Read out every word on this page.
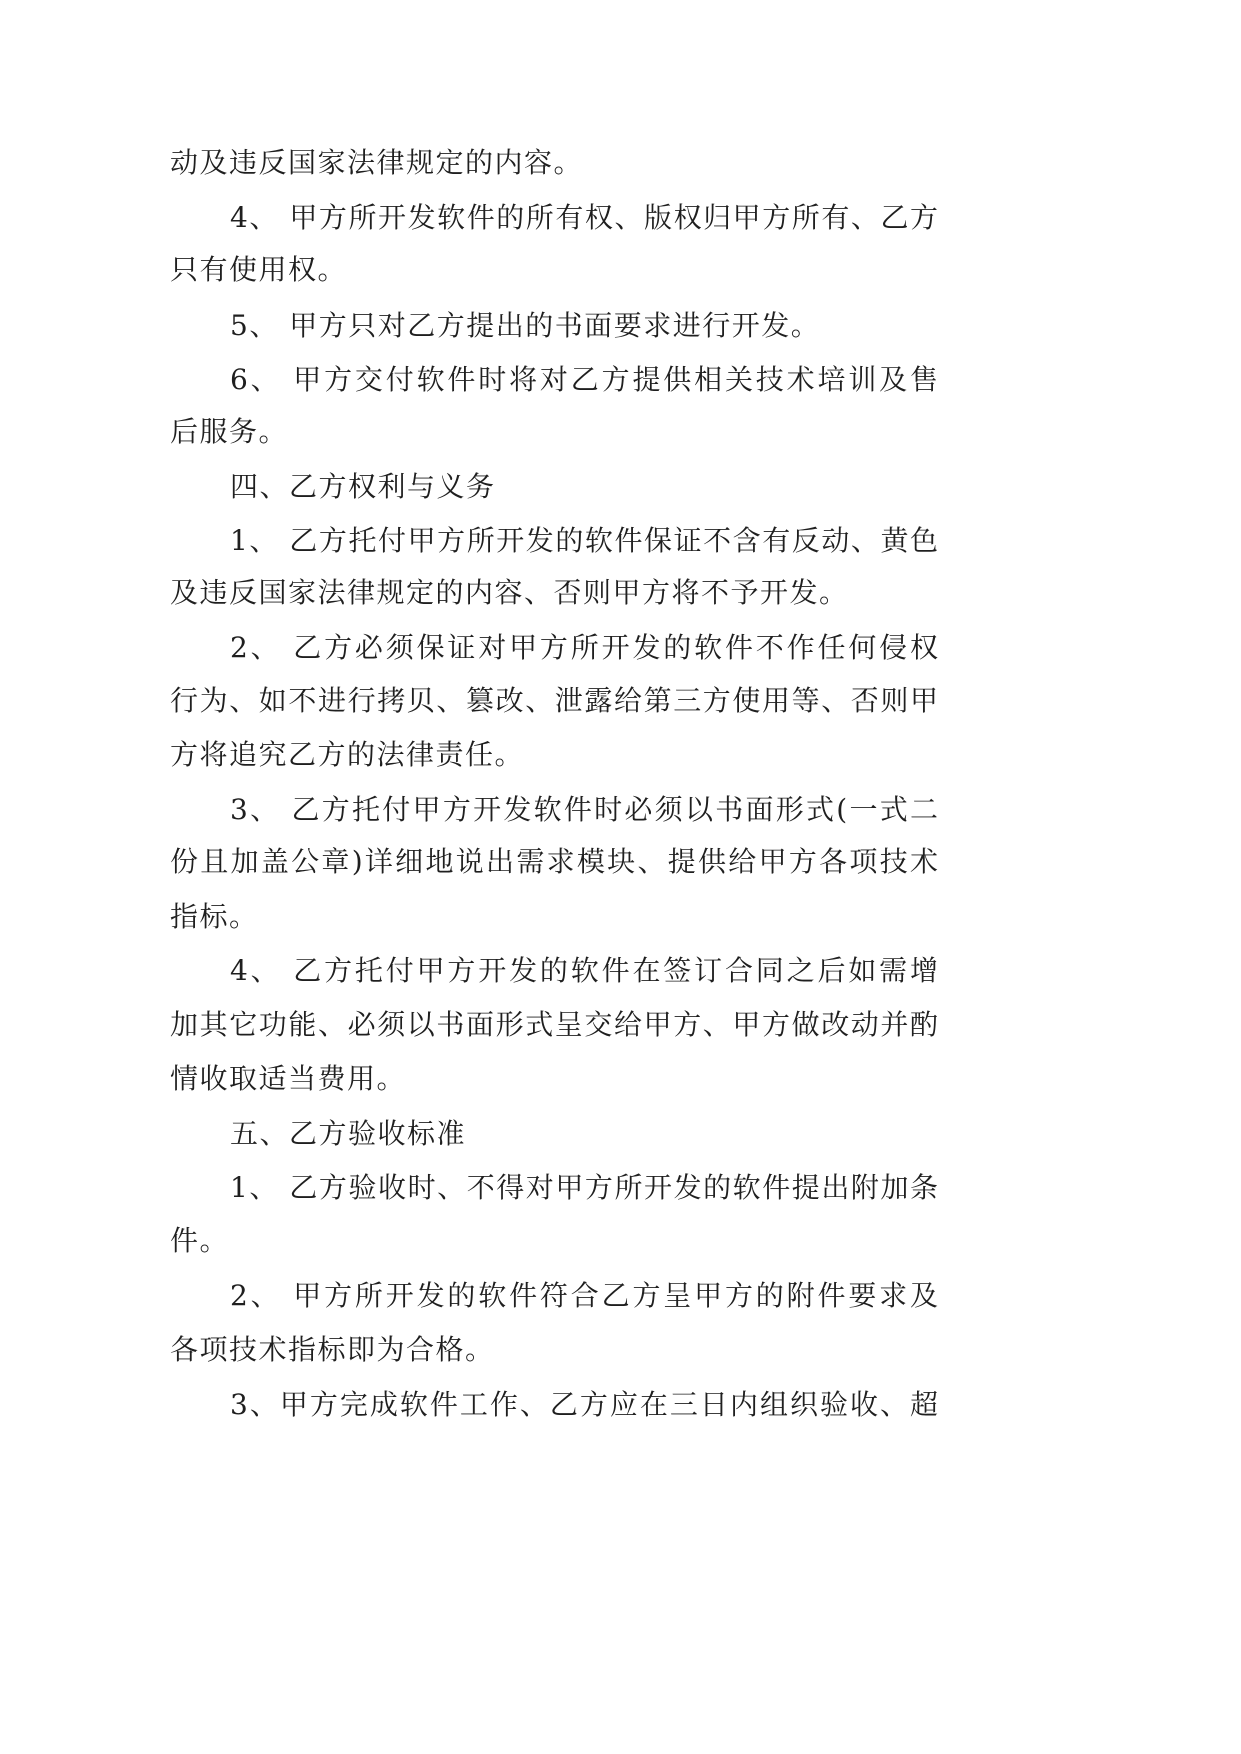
动及违反国家法律规定的内容。
4、 甲方所开发软件的所有权、版权归甲方所有、乙方
只有使用权。
5、 甲方只对乙方提出的书面要求进行开发。
6、 甲方交付软件时将对乙方提供相关技术培训及售
后服务。
四、乙方权利与义务
1、 乙方托付甲方所开发的软件保证不含有反动、黄色
及违反国家法律规定的内容、否则甲方将不予开发。
2、 乙方必须保证对甲方所开发的软件不作任何侵权
行为、如不进行拷贝、篡改、泄露给第三方使用等、否则甲
方将追究乙方的法律责任。
3、 乙方托付甲方开发软件时必须以书面形式(一式二
份且加盖公章)详细地说出需求模块、提供给甲方各项技术
指标。
4、 乙方托付甲方开发的软件在签订合同之后如需增
加其它功能、必须以书面形式呈交给甲方、甲方做改动并酌
情收取适当费用。
五、乙方验收标准
1、 乙方验收时、不得对甲方所开发的软件提出附加条
件。
2、 甲方所开发的软件符合乙方呈甲方的附件要求及
各项技术指标即为合格。
3、甲方完成软件工作、乙方应在三日内组织验收、超
